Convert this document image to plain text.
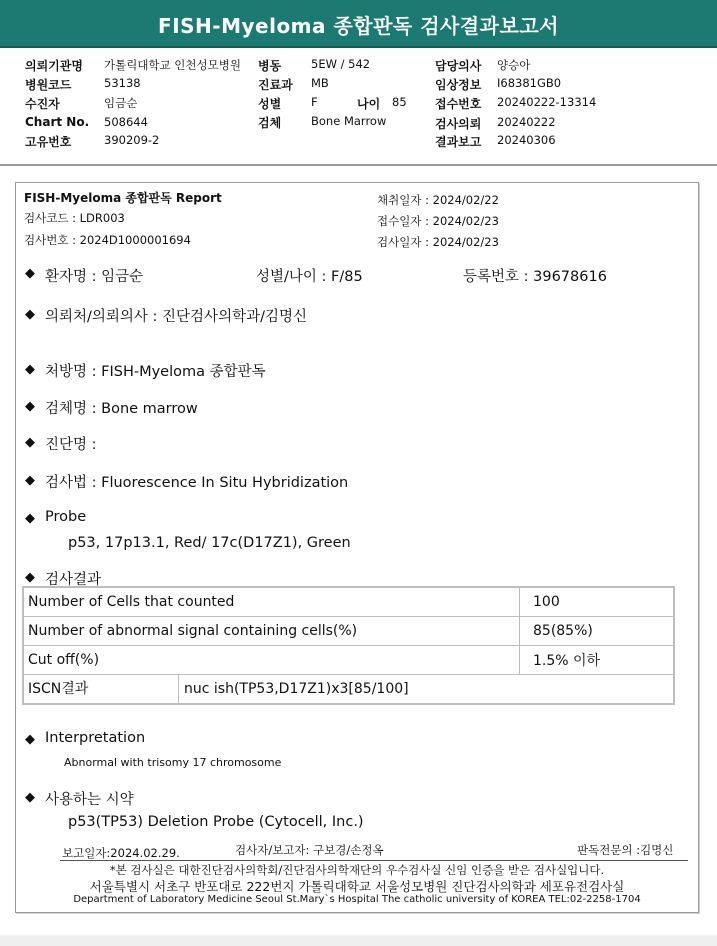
FISH-Myeloma 종합판독 검사결과보고서
의뢰기관명 가톨릭대학교 인천성모병원
병원코드	53138
수진자	임금순
Chart No. 508644
고유번호	390209-2
병동	5EW / 542
진료과 MB
성별	F	나이 85
검체	Bone Marrow
담당의사 양승아
임상정보 I68381GB0
접수번호 20240222-13314
검사의뢰 20240222
결과보고 20240306
FISH-Myeloma 종합판독 Report
검사코드 : LDR003
검사번호 : 2024D1000001694
채취일자 : 2024/02/22
접수일자 : 2024/02/23
검사일자 : 2024/02/23
◆ 환자명 : 임금순	성별/나이 : F/85	등록번호 : 39678616
◆ 의뢰처/의뢰의사 : 진단검사의학과/김명신
◆ 처방명 : FISH-Myeloma 종합판독
◆ 검체명 : Bone marrow
◆ 진단명 :
◆ 검사법 : Fluorescence In Situ Hybridization
◆ Probe
p53, 17p13.1, Red/ 17c(D17Z1), Green
◆ 검사결과
Number of Cells that counted	100
Number of abnormal signal containing cells(%)	85(85%)
Cut off(%)	1.5% 이하

ISCN결과 nuc ish(TP53,D17Z1)x3[85/100]	
◆ Interpretation
Abnormal with trisomy 17 chromosome
◆ 사용하는 시약
p53(TP53) Deletion Probe (Cytocell, Inc.)
보고일자:2024.02.29.	검사자/보고자: 구보경/손정옥	판독전문의 :김명신
*본 검사실은 대한진단검사의학회/진단검사의학재단의 우수검사실 신임 인증을 받은 검사실입니다.
서울특별시 서초구 반포대로 222번지 가톨릭대학교 서울성모병원 진단검사의학과 세포유전검사실
Department of Laboratory Medicine Seoul St.Mary`s Hospital The catholic university of KOREA TEL:02-2258-1704
